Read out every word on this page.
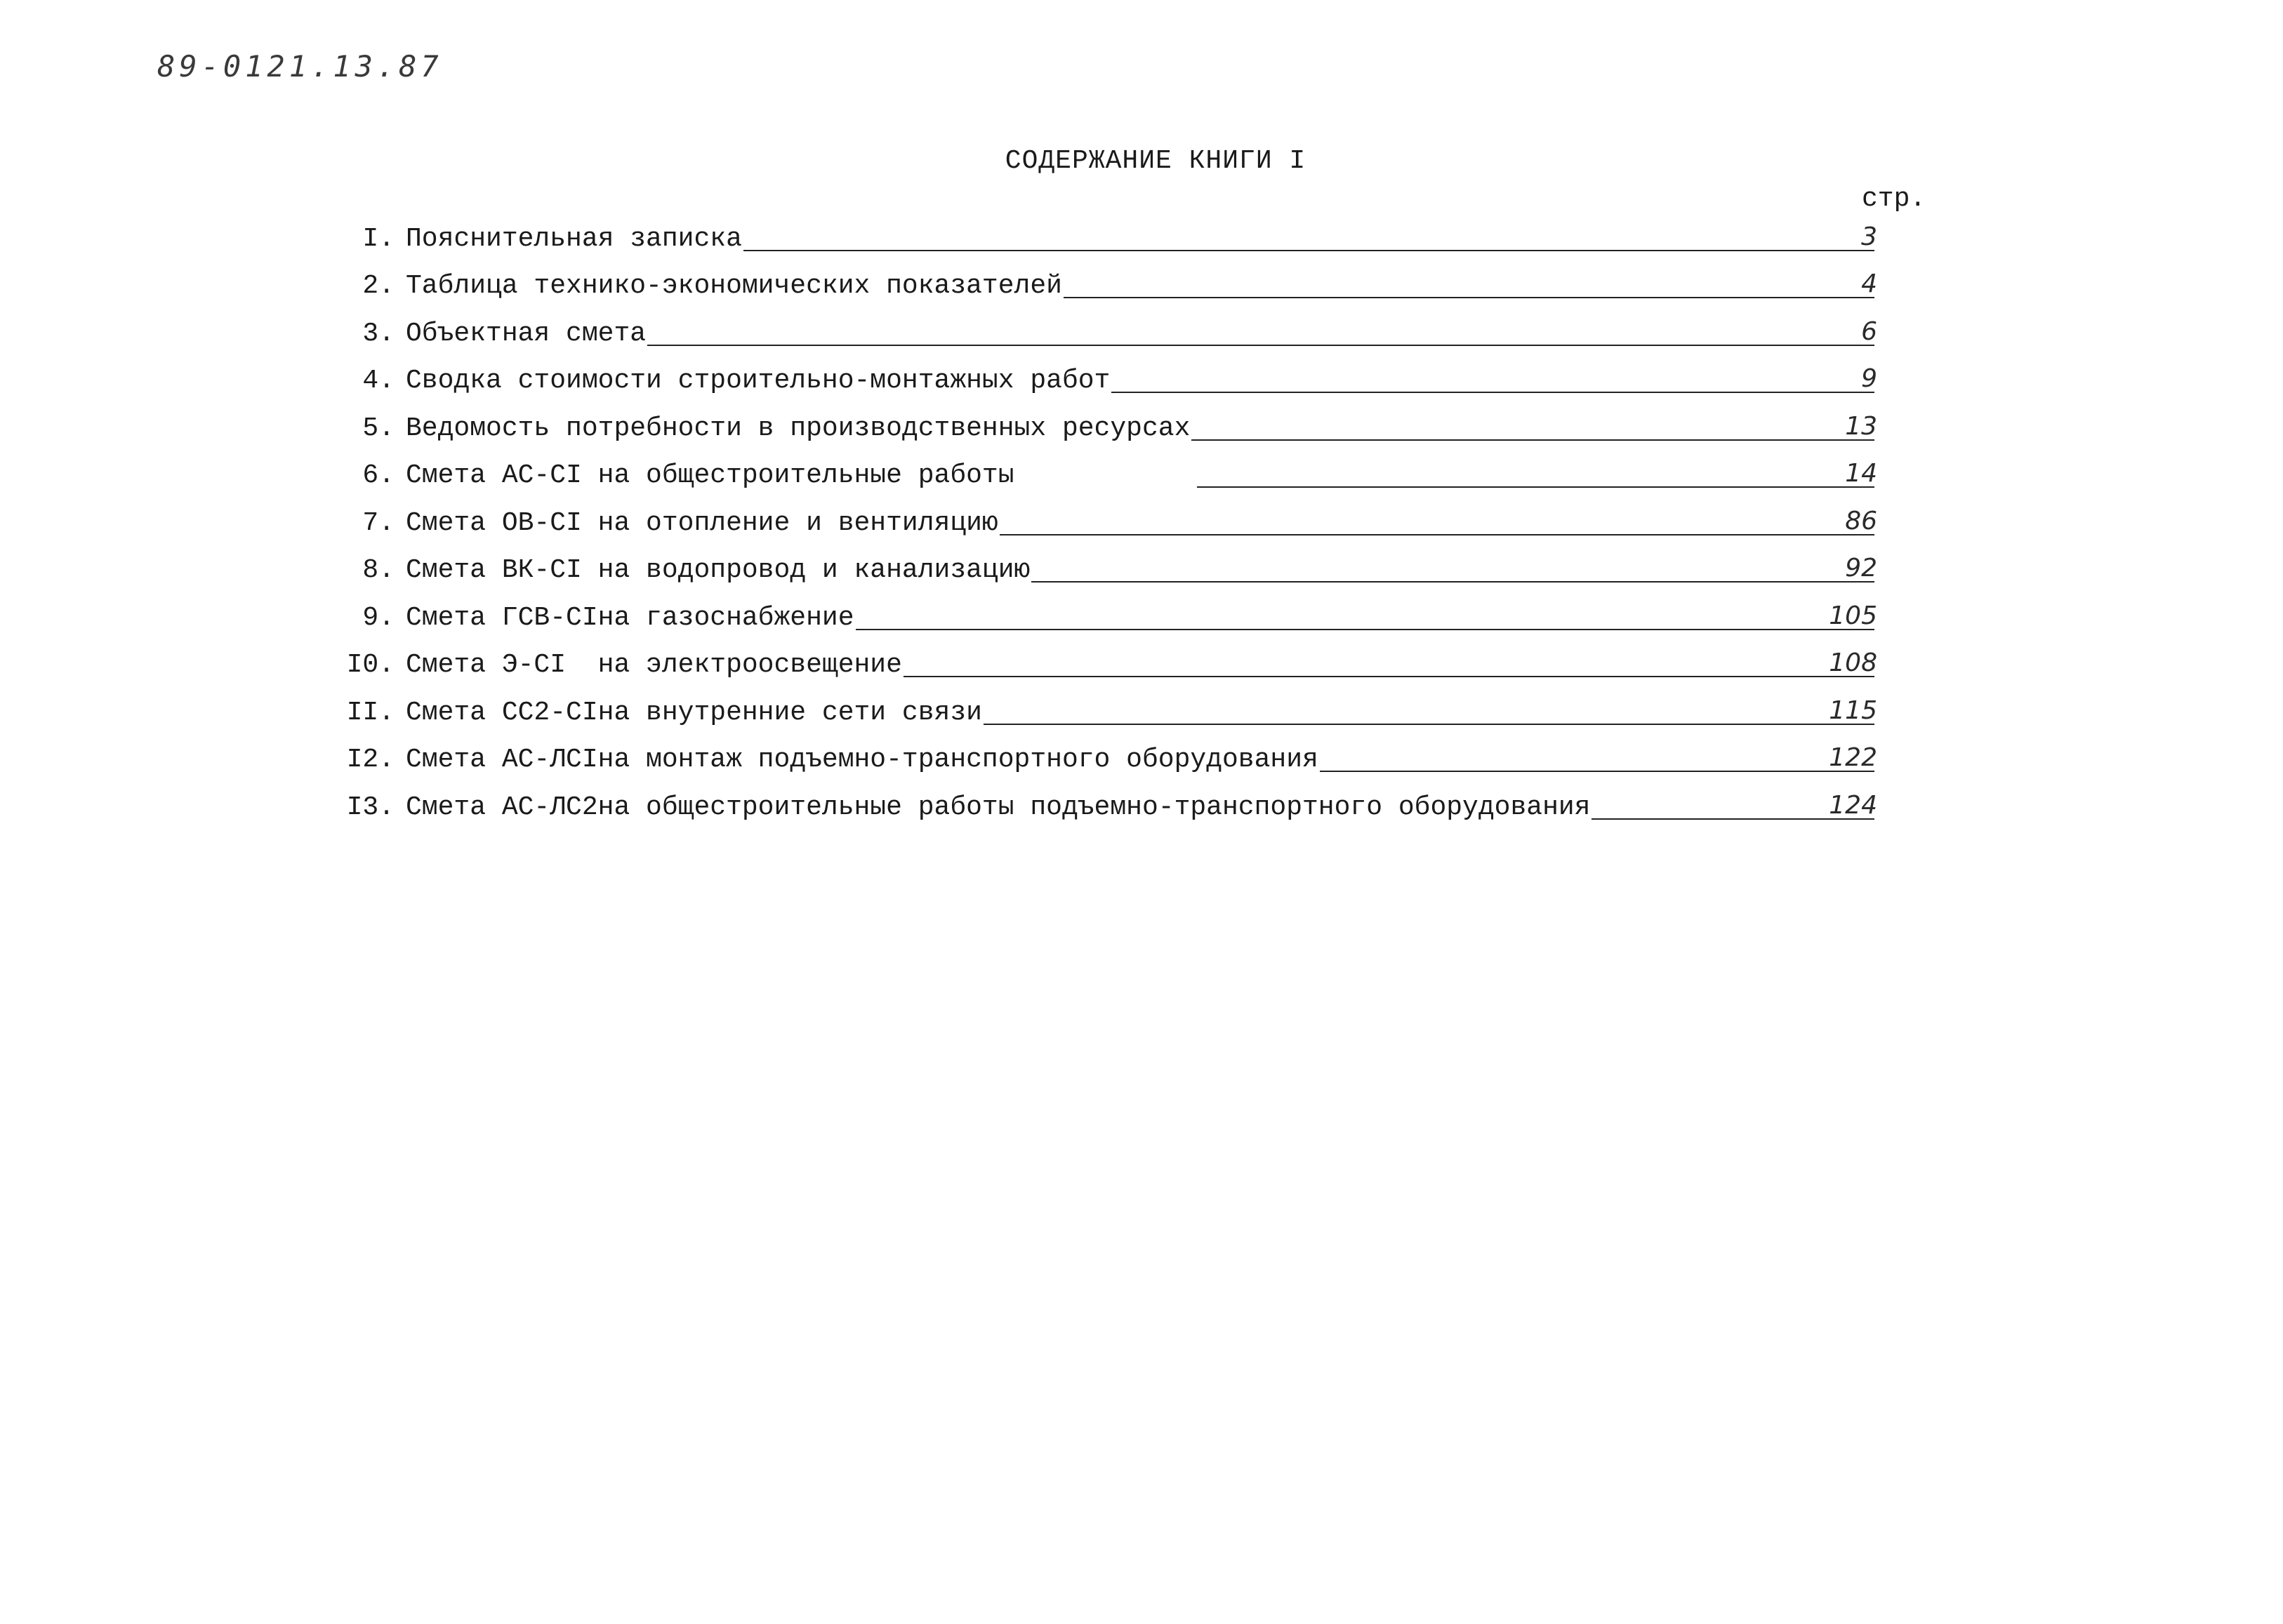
89-0121.13.87
СОДЕРЖАНИЕ КНИГИ I
стр.
I. Пояснительная записка	3
2. Таблица технико-экономических показателей	4
3. Объектная смета	6
4. Сводка стоимости строительно-монтажных работ	9
5. Ведомость потребности в производственных ресурсах	13
6. Смета АС-СI на общестроительные работы	14
7. Смета ОВ-СI на отопление и вентиляцию	86
8. Смета ВК-СI на водопровод и канализацию	92
9. Смета ГСВ-СIна газоснабжение	105
I0. Смета Э-СI  на электроосвещение	108
II. Смета СС2-СIна внутренние сети связи	115
I2. Смета АС-ЛСIна монтаж подъемно-транспортного оборудования	122
I3. Смета АС-ЛС2на общестроительные работы подъемно-транспортного оборудования	124
